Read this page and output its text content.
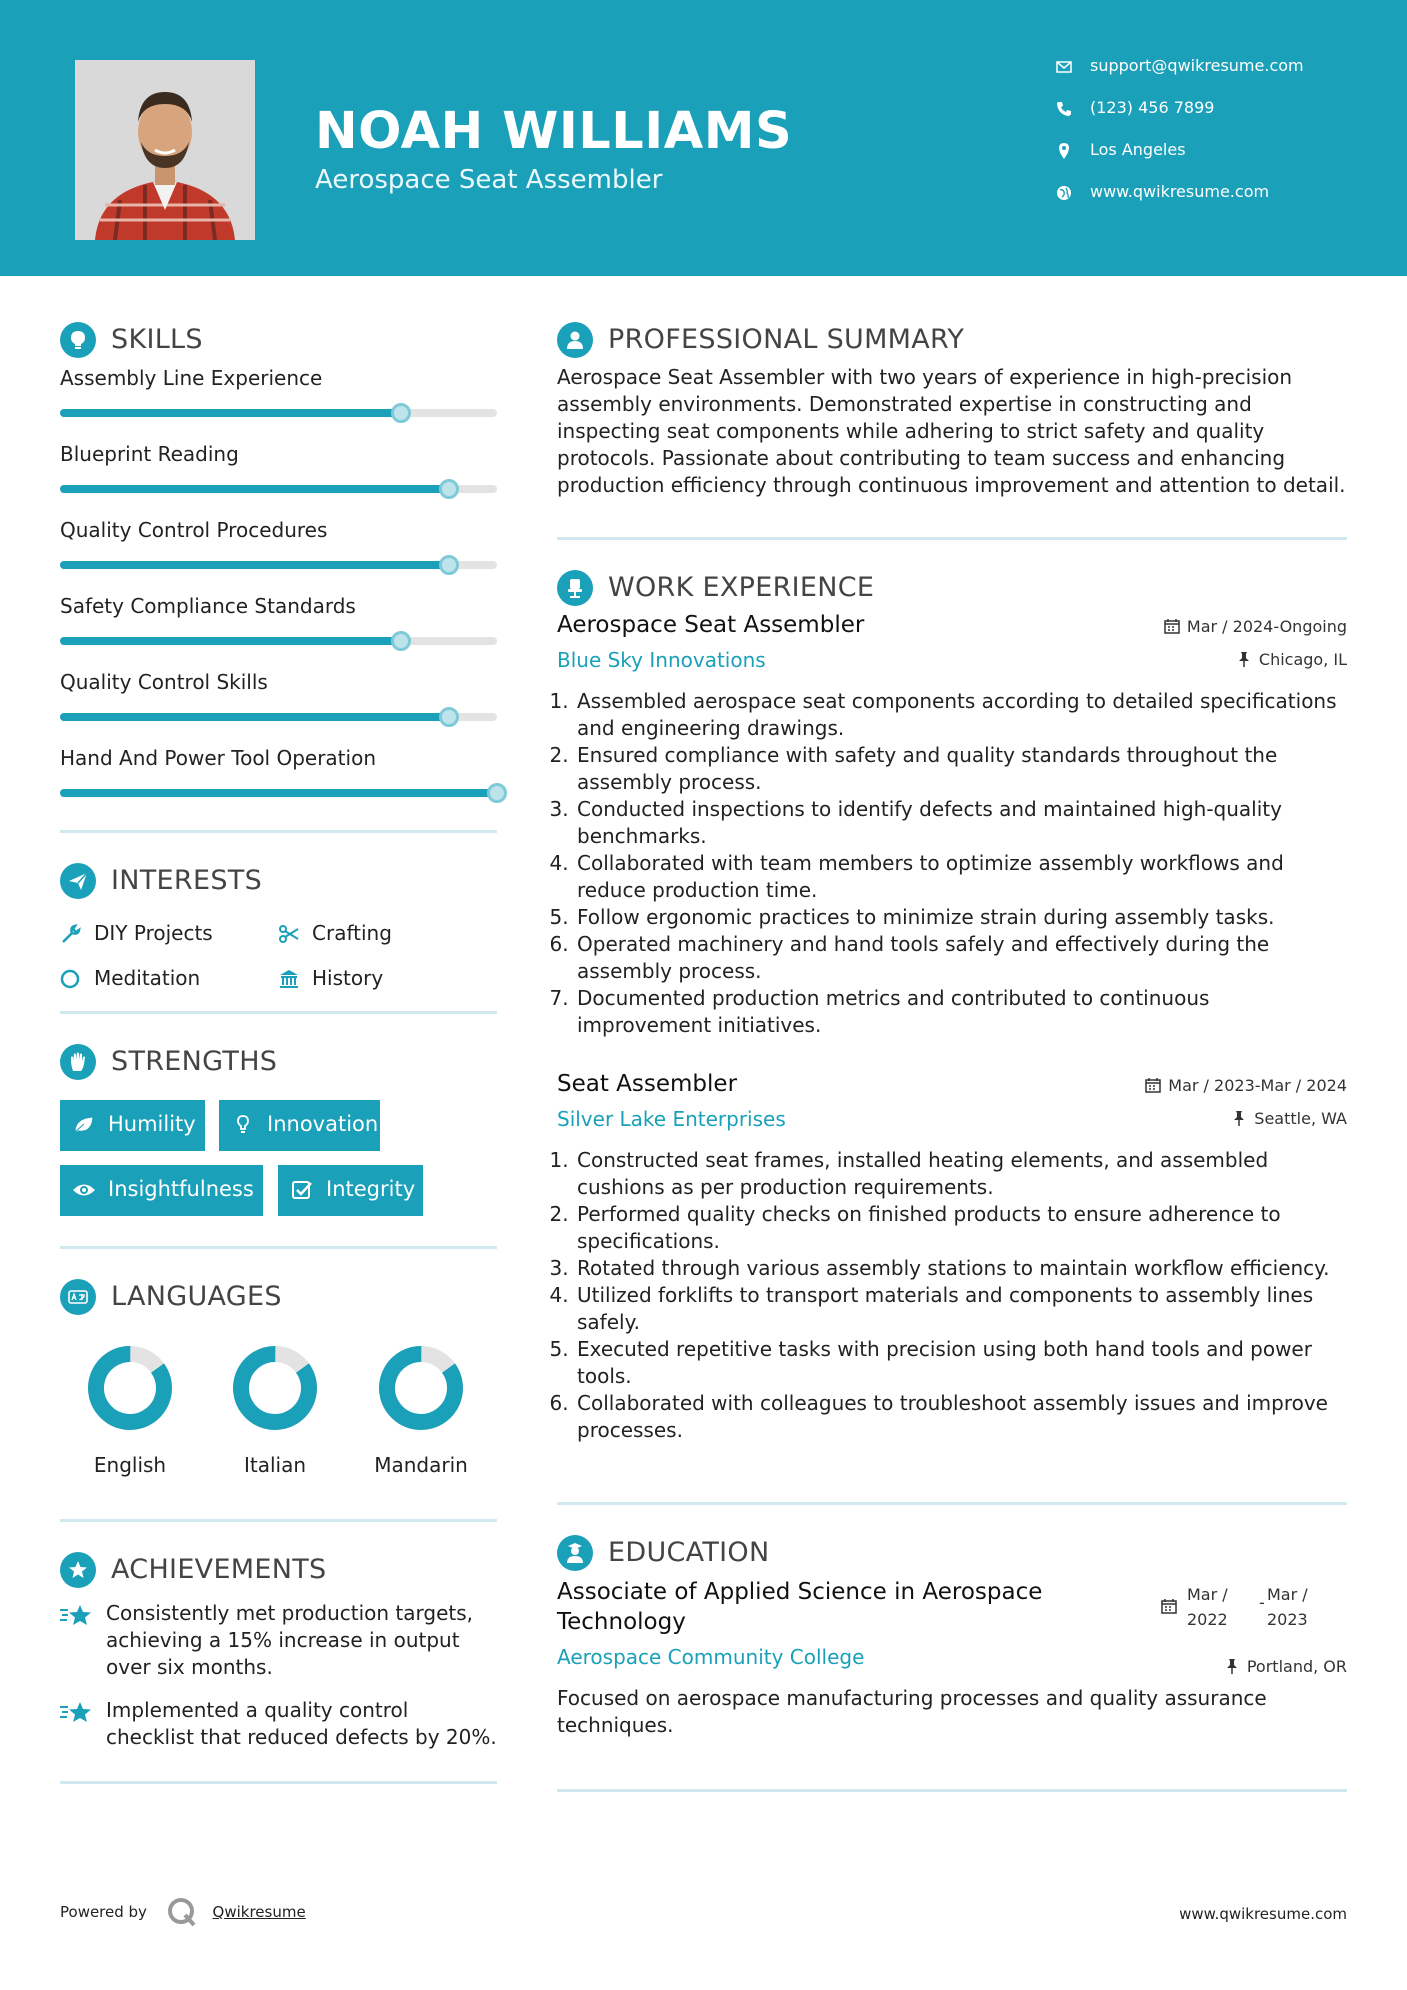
NOAH WILLIAMS
Aerospace Seat Assembler
support@qwikresume.com
(123) 456 7899
Los Angeles
www.qwikresume.com
SKILLS
Assembly Line Experience
Blueprint Reading
Quality Control Procedures
Safety Compliance Standards
Quality Control Skills
Hand And Power Tool Operation
INTERESTS
DIY Projects	Crafting
Meditation	History
STRENGTHS
Humility	Innovation
Insightfulness	Integrity
LANGUAGES
English	Italian	Mandarin
ACHIEVEMENTS
Consistently met production targets, achieving a 15% increase in output over six months.
Implemented a quality control checklist that reduced defects by 20%.
PROFESSIONAL SUMMARY
Aerospace Seat Assembler with two years of experience in high-precision assembly environments. Demonstrated expertise in constructing and inspecting seat components while adhering to strict safety and quality protocols. Passionate about contributing to team success and enhancing production efficiency through continuous improvement and attention to detail.
WORK EXPERIENCE
Aerospace Seat Assembler
Blue Sky Innovations
Mar / 2024-Ongoing
Chicago, IL
1. Assembled aerospace seat components according to detailed specifications and engineering drawings.
2. Ensured compliance with safety and quality standards throughout the assembly process.
3. Conducted inspections to identify defects and maintained high-quality benchmarks.
4. Collaborated with team members to optimize assembly workflows and reduce production time.
5. Follow ergonomic practices to minimize strain during assembly tasks.
6. Operated machinery and hand tools safely and effectively during the assembly process.
7. Documented production metrics and contributed to continuous improvement initiatives.
Seat Assembler
Silver Lake Enterprises
Mar / 2023-Mar / 2024
Seattle, WA
1. Constructed seat frames, installed heating elements, and assembled cushions as per production requirements.
2. Performed quality checks on finished products to ensure adherence to specifications.
3. Rotated through various assembly stations to maintain workflow efficiency.
4. Utilized forklifts to transport materials and components to assembly lines safely.
5. Executed repetitive tasks with precision using both hand tools and power tools.
6. Collaborated with colleagues to troubleshoot assembly issues and improve processes.
EDUCATION
Associate of Applied Science in Aerospace Technology
Aerospace Community College
Mar /
2022
- Mar /
2023
Portland, OR
Focused on aerospace manufacturing processes and quality assurance techniques.
Powered by	Qwikresume	www.qwikresume.com
